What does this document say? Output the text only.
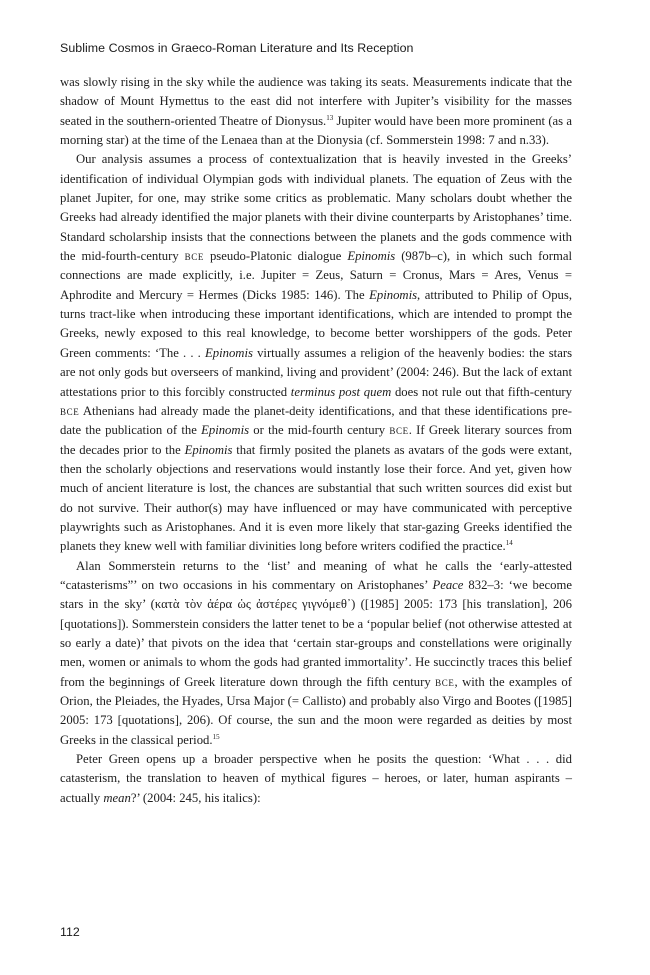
Sublime Cosmos in Graeco-Roman Literature and Its Reception

was slowly rising in the sky while the audience was taking its seats. Measurements indicate that the shadow of Mount Hymettus to the east did not interfere with Jupiter’s visibility for the masses seated in the southern-oriented Theatre of Dionysus.$^{13}$ Jupiter would have been more prominent (as a morning star) at the time of the Lenaea than at the Dionysia (cf. Sommerstein 1998: 7 and n.33).

Our analysis assumes a process of contextualization that is heavily invested in the Greeks’ identification of individual Olympian gods with individual planets. The equation of Zeus with the planet Jupiter, for one, may strike some critics as problematic. Many scholars doubt whether the Greeks had already identified the major planets with their divine counterparts by Aristophanes’ time. Standard scholarship insists that the connections between the planets and the gods commence with the mid-fourth-century bce pseudo-Platonic dialogue Epinomis (987b–c), in which such formal connections are made explicitly, i.e. Jupiter = Zeus, Saturn = Cronus, Mars = Ares, Venus = Aphrodite and Mercury = Hermes (Dicks 1985: 146). The Epinomis, attributed to Philip of Opus, turns tract-like when introducing these important identifications, which are intended to prompt the Greeks, newly exposed to this real knowledge, to become better worshippers of the gods. Peter Green comments: ‘The . . . Epinomis virtually assumes a religion of the heavenly bodies: the stars are not only gods but overseers of mankind, living and provident’ (2004: 246). But the lack of extant attestations prior to this forcibly constructed terminus post quem does not rule out that fifth-century bce Athenians had already made the planet-deity identifications, and that these identifications pre-date the publication of the Epinomis or the mid-fourth century bce. If Greek literary sources from the decades prior to the Epinomis that firmly posited the planets as avatars of the gods were extant, then the scholarly objections and reservations would instantly lose their force. And yet, given how much of ancient literature is lost, the chances are substantial that such written sources did exist but do not survive. Their author(s) may have influenced or may have communicated with perceptive playwrights such as Aristophanes. And it is even more likely that star-gazing Greeks identified the planets they knew well with familiar divinities long before writers codified the practice.$^{14}$

Alan Sommerstein returns to the ‘list’ and meaning of what he calls the ‘early-attested “catasterisms”’ on two occasions in his commentary on Aristophanes’ Peace 832–3: ‘we become stars in the sky’ (κατὰ τὸν ἀέρα ὡς ἀστέρες γιγνόμεθ᾿) ([1985] 2005: 173 [his translation], 206 [quotations]). Sommerstein considers the latter tenet to be a ‘popular belief (not otherwise attested at so early a date)’ that pivots on the idea that ‘certain star-groups and constellations were originally men, women or animals to whom the gods had granted immortality’. He succinctly traces this belief from the beginnings of Greek literature down through the fifth century bce, with the examples of Orion, the Pleiades, the Hyades, Ursa Major (= Callisto) and probably also Virgo and Bootes ([1985] 2005: 173 [quotations], 206). Of course, the sun and the moon were regarded as deities by most Greeks in the classical period.$^{15}$

Peter Green opens up a broader perspective when he posits the question: ‘What . . . did catasterism, the translation to heaven of mythical figures – heroes, or later, human aspirants – actually mean?’ (2004: 245, his italics):

112
